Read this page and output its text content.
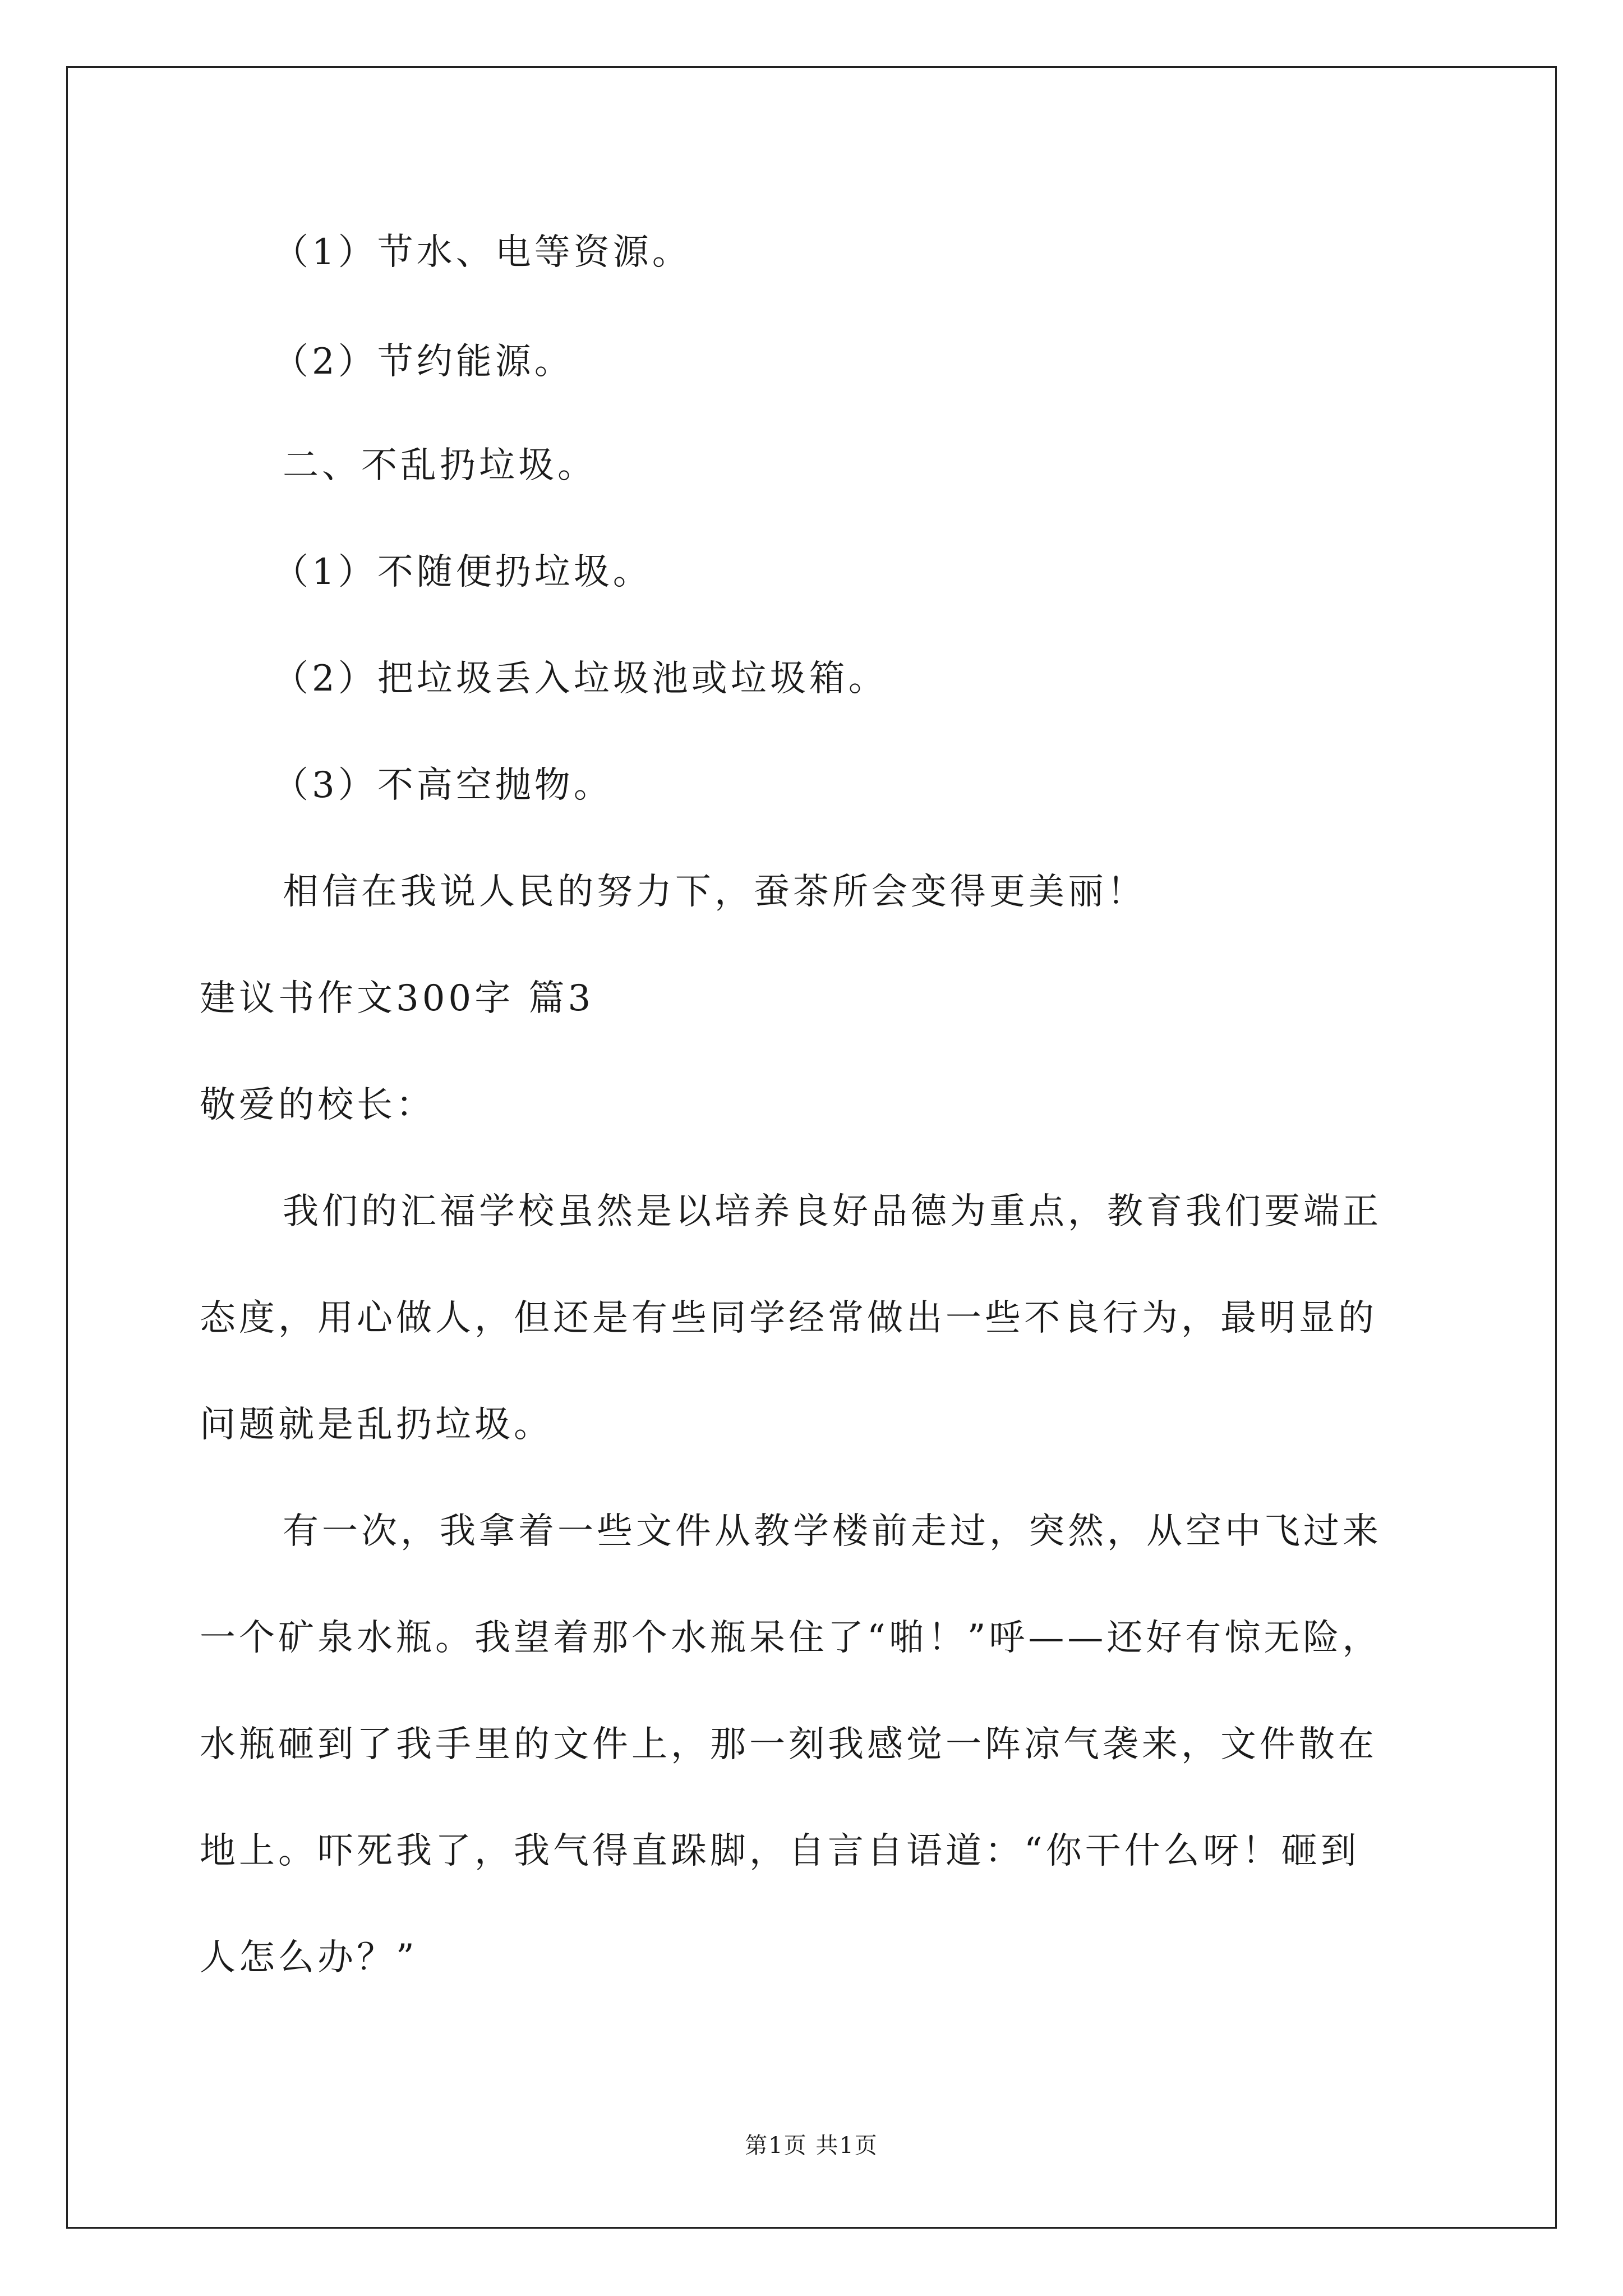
（1）节水、电等资源。
（2）节约能源。
二、不乱扔垃圾。
（1）不随便扔垃圾。
（2）把垃圾丢入垃圾池或垃圾箱。
（3）不高空抛物。
相信在我说人民的努力下，蚕茶所会变得更美丽！
建议书作文300字 篇3
敬爱的校长：
我们的汇福学校虽然是以培养良好品德为重点，教育我们要端正
态度，用心做人，但还是有些同学经常做出一些不良行为，最明显的
问题就是乱扔垃圾。
有一次，我拿着一些文件从教学楼前走过，突然，从空中飞过来
一个矿泉水瓶。我望着那个水瓶呆住了“啪！”呼——还好有惊无险，
水瓶砸到了我手里的文件上，那一刻我感觉一阵凉气袭来，文件散在
地上。吓死我了，我气得直跺脚，自言自语道：“你干什么呀！砸到
人怎么办？”
第1页 共1页
